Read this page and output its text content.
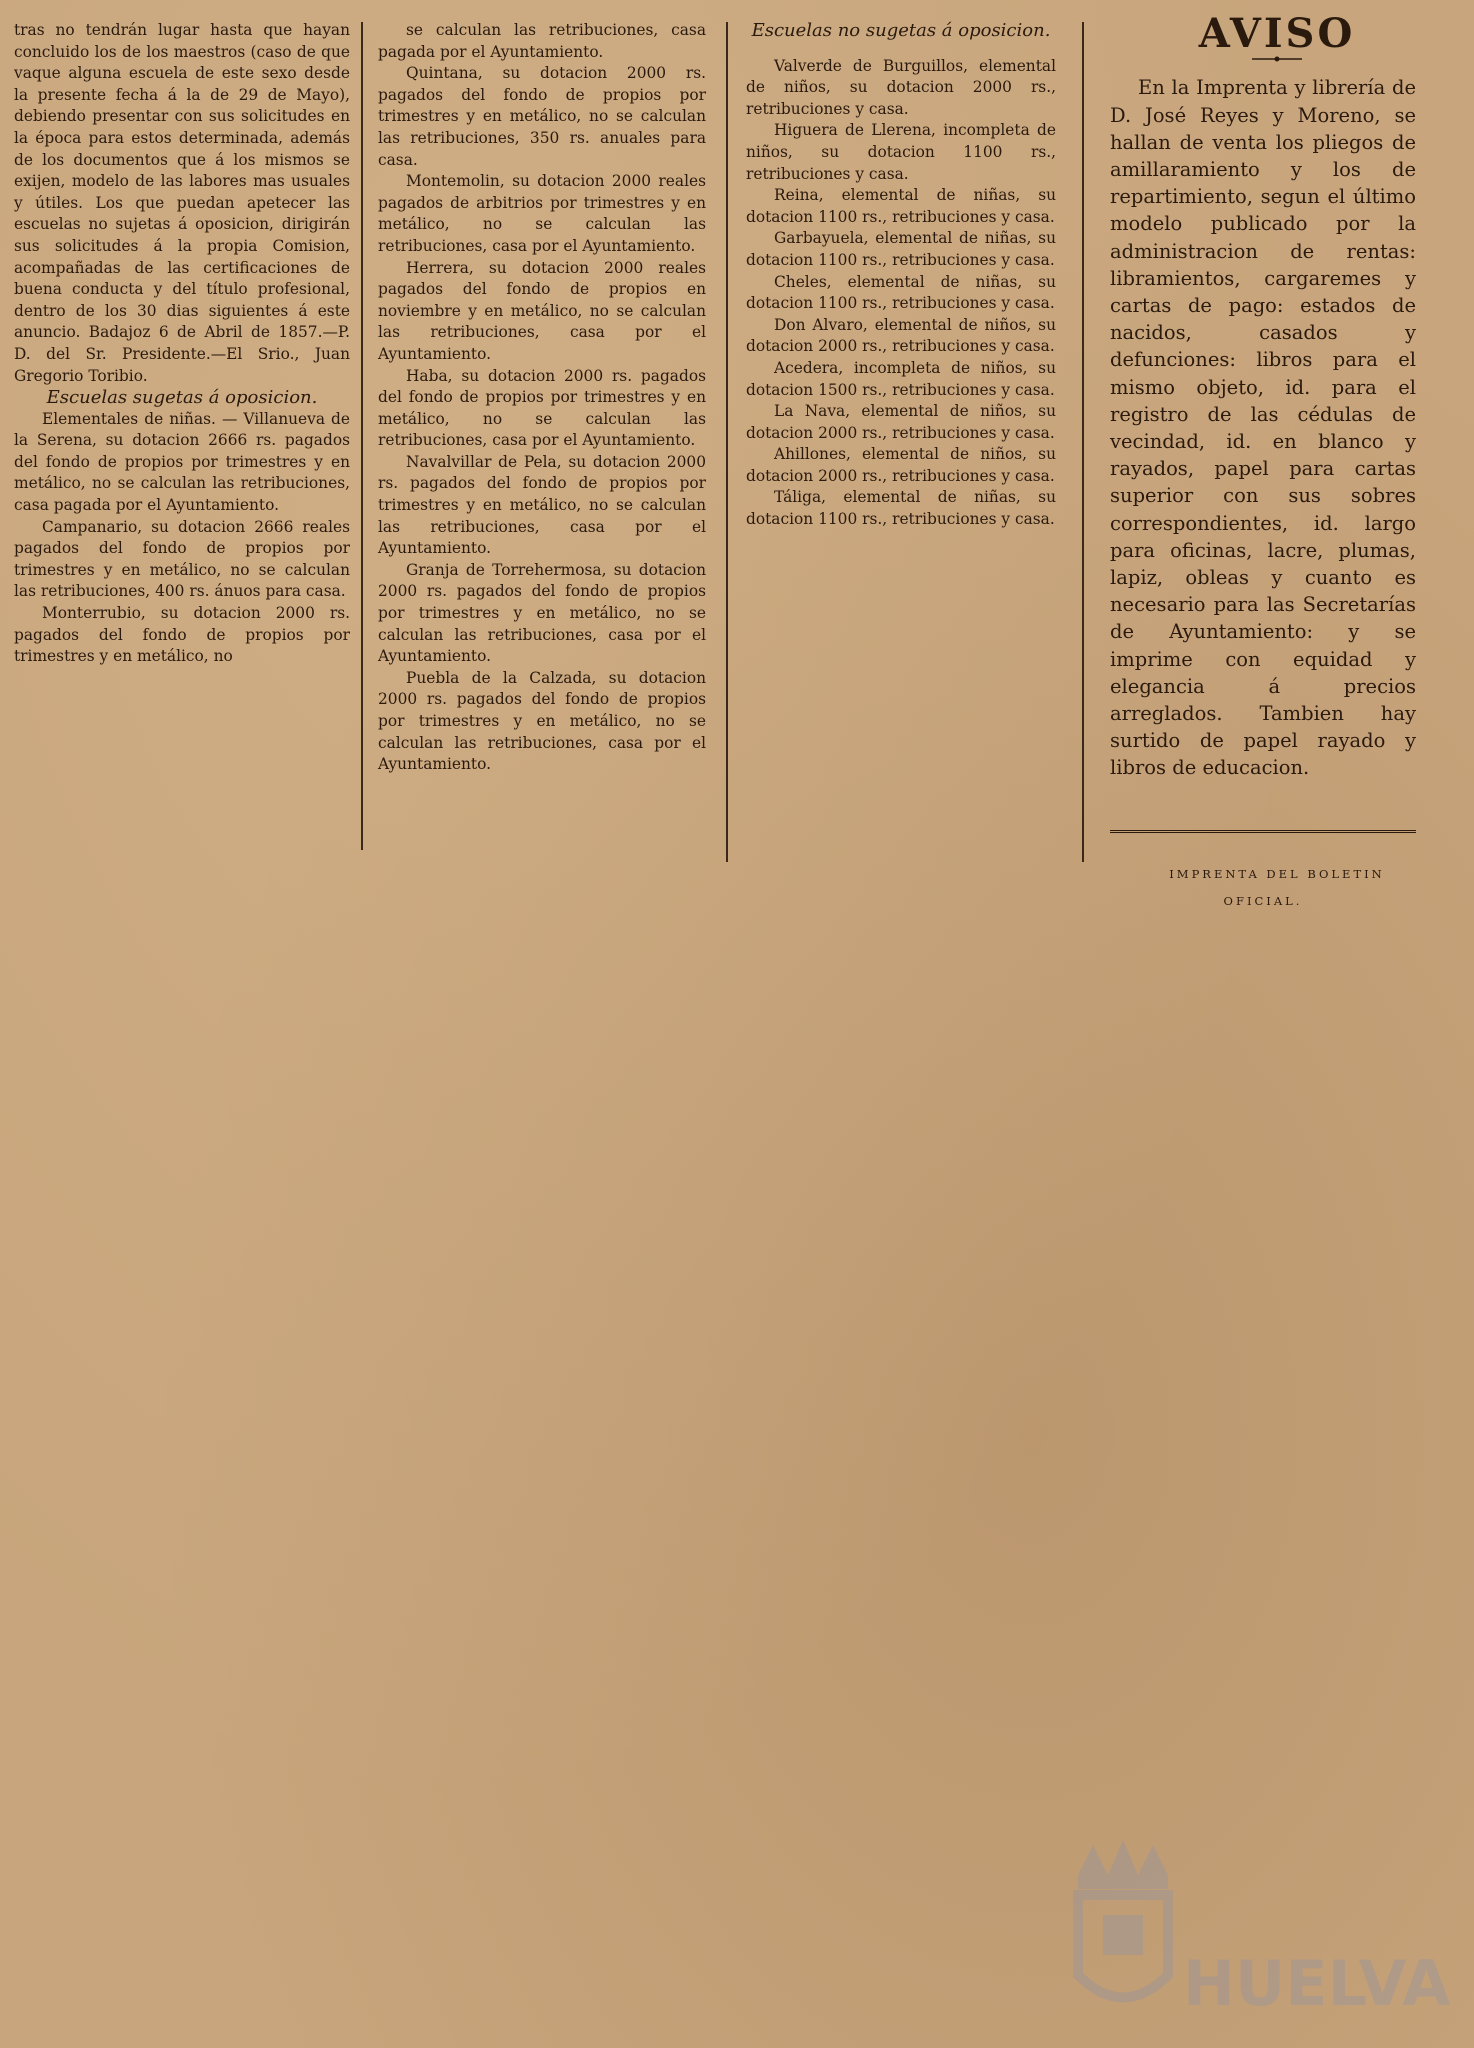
tras no tendrán lugar hasta que hayan concluido los de los maestros (caso de que vaque alguna escuela de este sexo desde la presente fecha á la de 29 de Mayo), debiendo presentar con sus solicitudes en la época para estos determinada, además de los documentos que á los mismos se exijen, modelo de las labores mas usuales y útiles. Los que puedan apetecer las escuelas no sujetas á oposicion, dirigirán sus solicitudes á la propia Comision, acompañadas de las certificaciones de buena conducta y del título profesional, dentro de los 30 dias siguientes á este anuncio. Badajoz 6 de Abril de 1857.—P. D. del Sr. Presidente.—El Srio., Juan Gregorio Toribio.

Escuelas sugetas á oposicion.

Elementales de niñas. — Villanueva de la Serena, su dotacion 2666 rs. pagados del fondo de propios por trimestres y en metálico, no se calculan las retribuciones, casa pagada por el Ayuntamiento.

Campanario, su dotacion 2666 reales pagados del fondo de propios por trimestres y en metálico, no se calculan las retribuciones, 400 rs. ánuos para casa.

Monterrubio, su dotacion 2000 rs. pagados del fondo de propios por trimestres y en metálico, no

se calculan las retribuciones, casa pagada por el Ayuntamiento.

Quintana, su dotacion 2000 rs. pagados del fondo de propios por trimestres y en metálico, no se calculan las retribuciones, 350 rs. anuales para casa.

Montemolin, su dotacion 2000 reales pagados de arbitrios por trimestres y en metálico, no se calculan las retribuciones, casa por el Ayuntamiento.

Herrera, su dotacion 2000 reales pagados del fondo de propios en noviembre y en metálico, no se calculan las retribuciones, casa por el Ayuntamiento.

Haba, su dotacion 2000 rs. pagados del fondo de propios por trimestres y en metálico, no se calculan las retribuciones, casa por el Ayuntamiento.

Navalvillar de Pela, su dotacion 2000 rs. pagados del fondo de propios por trimestres y en metálico, no se calculan las retribuciones, casa por el Ayuntamiento.

Granja de Torrehermosa, su dotacion 2000 rs. pagados del fondo de propios por trimestres y en metálico, no se calculan las retribuciones, casa por el Ayuntamiento.

Puebla de la Calzada, su dotacion 2000 rs. pagados del fondo de propios por trimestres y en metálico, no se calculan las retribuciones, casa por el Ayuntamiento.

Escuelas no sugetas á oposicion.

Valverde de Burguillos, elemental de niños, su dotacion 2000 rs., retribuciones y casa.

Higuera de Llerena, incompleta de niños, su dotacion 1100 rs., retribuciones y casa.

Reina, elemental de niñas, su dotacion 1100 rs., retribuciones y casa.

Garbayuela, elemental de niñas, su dotacion 1100 rs., retribuciones y casa.

Cheles, elemental de niñas, su dotacion 1100 rs., retribuciones y casa.

Don Alvaro, elemental de niños, su dotacion 2000 rs., retribuciones y casa.

Acedera, incompleta de niños, su dotacion 1500 rs., retribuciones y casa.

La Nava, elemental de niños, su dotacion 2000 rs., retribuciones y casa.

Ahillones, elemental de niños, su dotacion 2000 rs., retribuciones y casa.

Táliga, elemental de niñas, su dotacion 1100 rs., retribuciones y casa.

AVISO

En la Imprenta y librería de D. José Reyes y Moreno, se hallan de venta los pliegos de amillaramiento y los de repartimiento, segun el último modelo publicado por la administracion de rentas: libramientos, cargaremes y cartas de pago: estados de nacidos, casados y defunciones: libros para el mismo objeto, id. para el registro de las cédulas de vecindad, id. en blanco y rayados, papel para cartas superior con sus sobres correspondientes, id. largo para oficinas, lacre, plumas, lapiz, obleas y cuanto es necesario para las Secretarías de Ayuntamiento: y se imprime con equidad y elegancia á precios arreglados. Tambien hay surtido de papel rayado y libros de educacion.

IMPRENTA DEL BOLETIN OFICIAL.

HUELVA
